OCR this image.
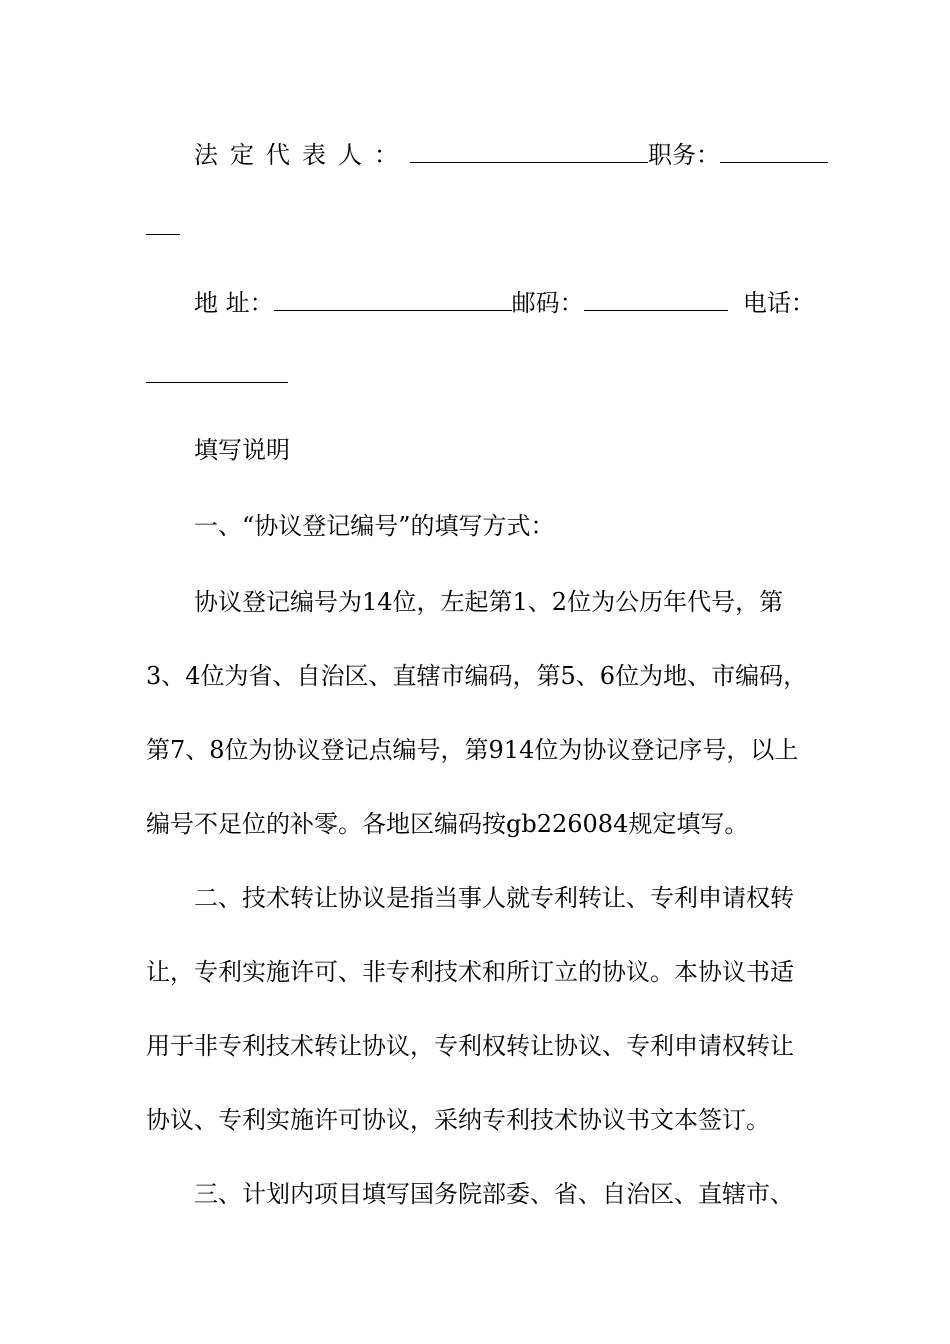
法定代表人：	职务：
地 址：	邮码：	电话：
填写说明
一、“协议登记编号”的填写方式：
协议登记编号为14位，左起第1、2位为公历年代号，第
3、4位为省、自治区、直辖市编码，第5、6位为地、市编码，
第7、8位为协议登记点编号，第914位为协议登记序号，以上
编号不足位的补零。各地区编码按gb226084规定填写。
二、技术转让协议是指当事人就专利转让、专利申请权转
让，专利实施许可、非专利技术和所订立的协议。本协议书适
用于非专利技术转让协议，专利权转让协议、专利申请权转让
协议、专利实施许可协议，采纳专利技术协议书文本签订。
三、计划内项目填写国务院部委、省、自治区、直辖市、
